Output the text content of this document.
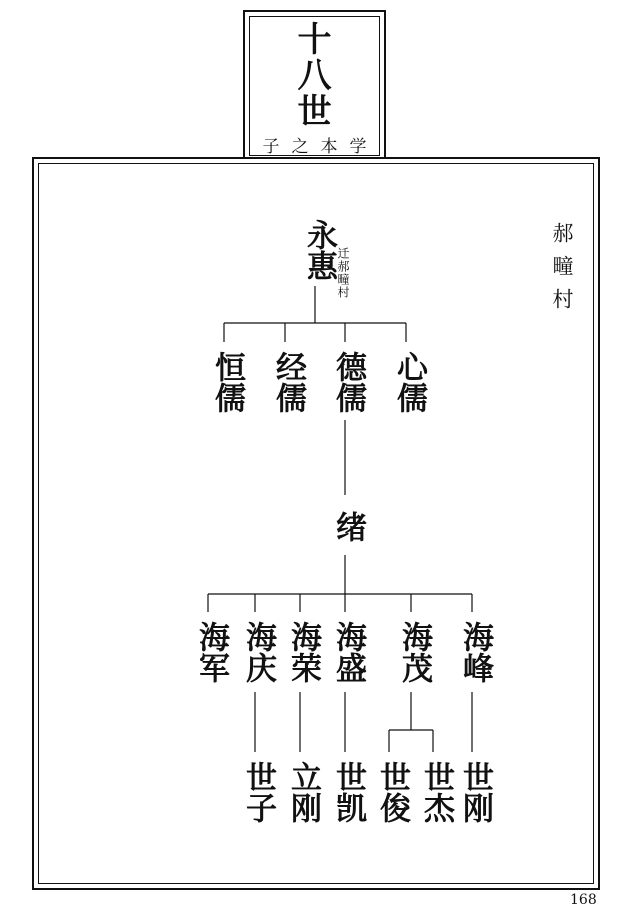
十
八
世
子之本学
郝疃村
永惠 迁郝疃村
恒儒 经儒 德儒 心儒
绪
海军 海庆 海荣 海盛 海茂 海峰
世子 立刚 世凯 世俊 世杰 世刚
168
